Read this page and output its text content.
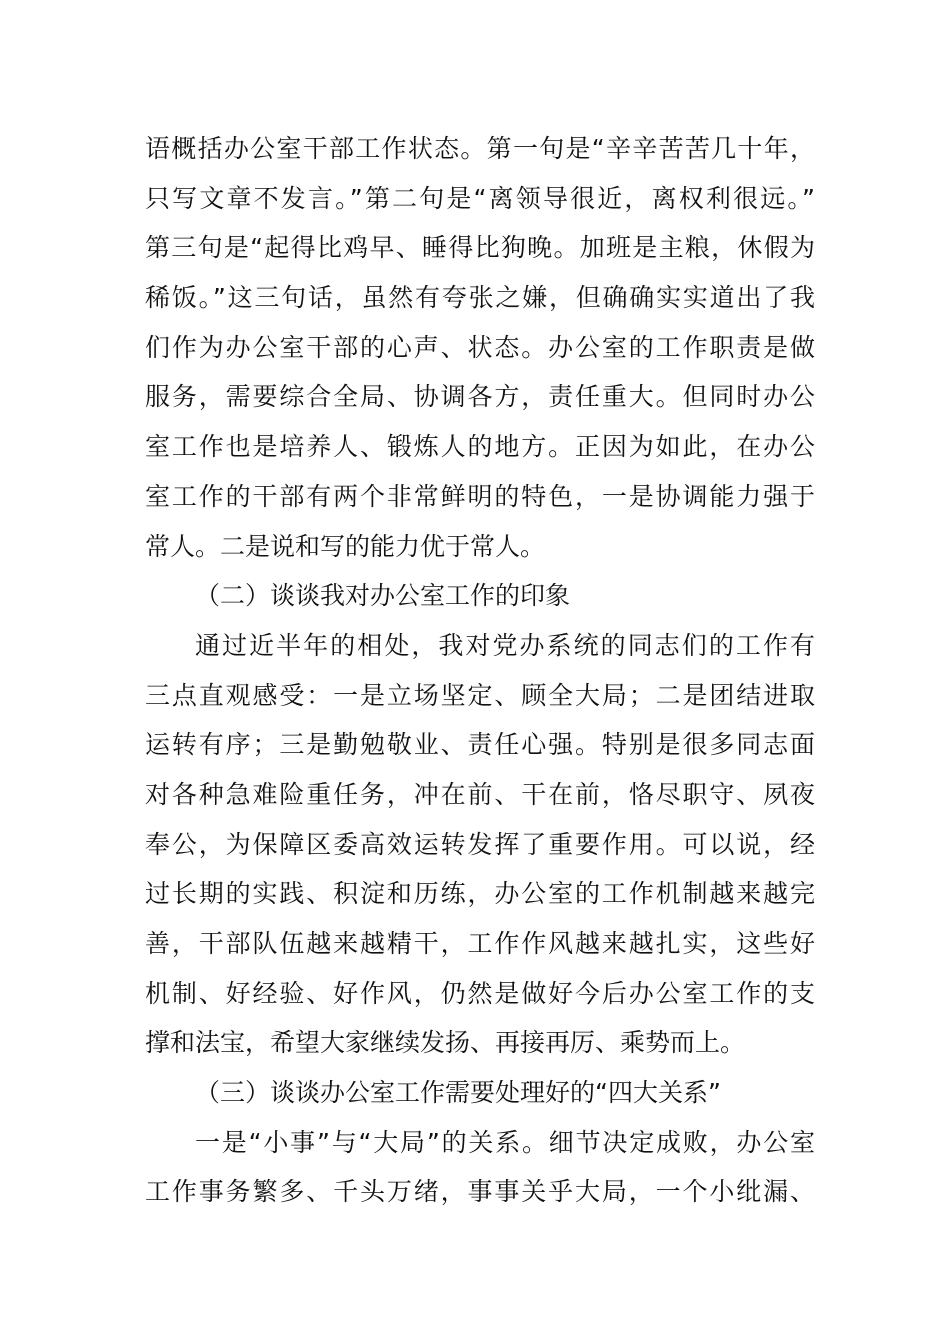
语概括办公室干部工作状态。第一句是“辛辛苦苦几十年，
只写文章不发言。”第二句是“离领导很近，离权利很远。”
第三句是“起得比鸡早、睡得比狗晚。加班是主粮，休假为
稀饭。”这三句话，虽然有夸张之嫌，但确确实实道出了我
们作为办公室干部的心声、状态。办公室的工作职责是做
服务，需要综合全局、协调各方，责任重大。但同时办公
室工作也是培养人、锻炼人的地方。正因为如此，在办公
室工作的干部有两个非常鲜明的特色，一是协调能力强于
常人。二是说和写的能力优于常人。
（二）谈谈我对办公室工作的印象
通过近半年的相处，我对党办系统的同志们的工作有
三点直观感受：一是立场坚定、顾全大局；二是团结进取
运转有序；三是勤勉敬业、责任心强。特别是很多同志面
对各种急难险重任务，冲在前、干在前，恪尽职守、夙夜
奉公，为保障区委高效运转发挥了重要作用。可以说，经
过长期的实践、积淀和历练，办公室的工作机制越来越完
善，干部队伍越来越精干，工作作风越来越扎实，这些好
机制、好经验、好作风，仍然是做好今后办公室工作的支
撑和法宝，希望大家继续发扬、再接再厉、乘势而上。
（三）谈谈办公室工作需要处理好的“四大关系”
一是“小事”与“大局”的关系。细节决定成败，办公室
工作事务繁多、千头万绪，事事关乎大局，一个小纰漏、
